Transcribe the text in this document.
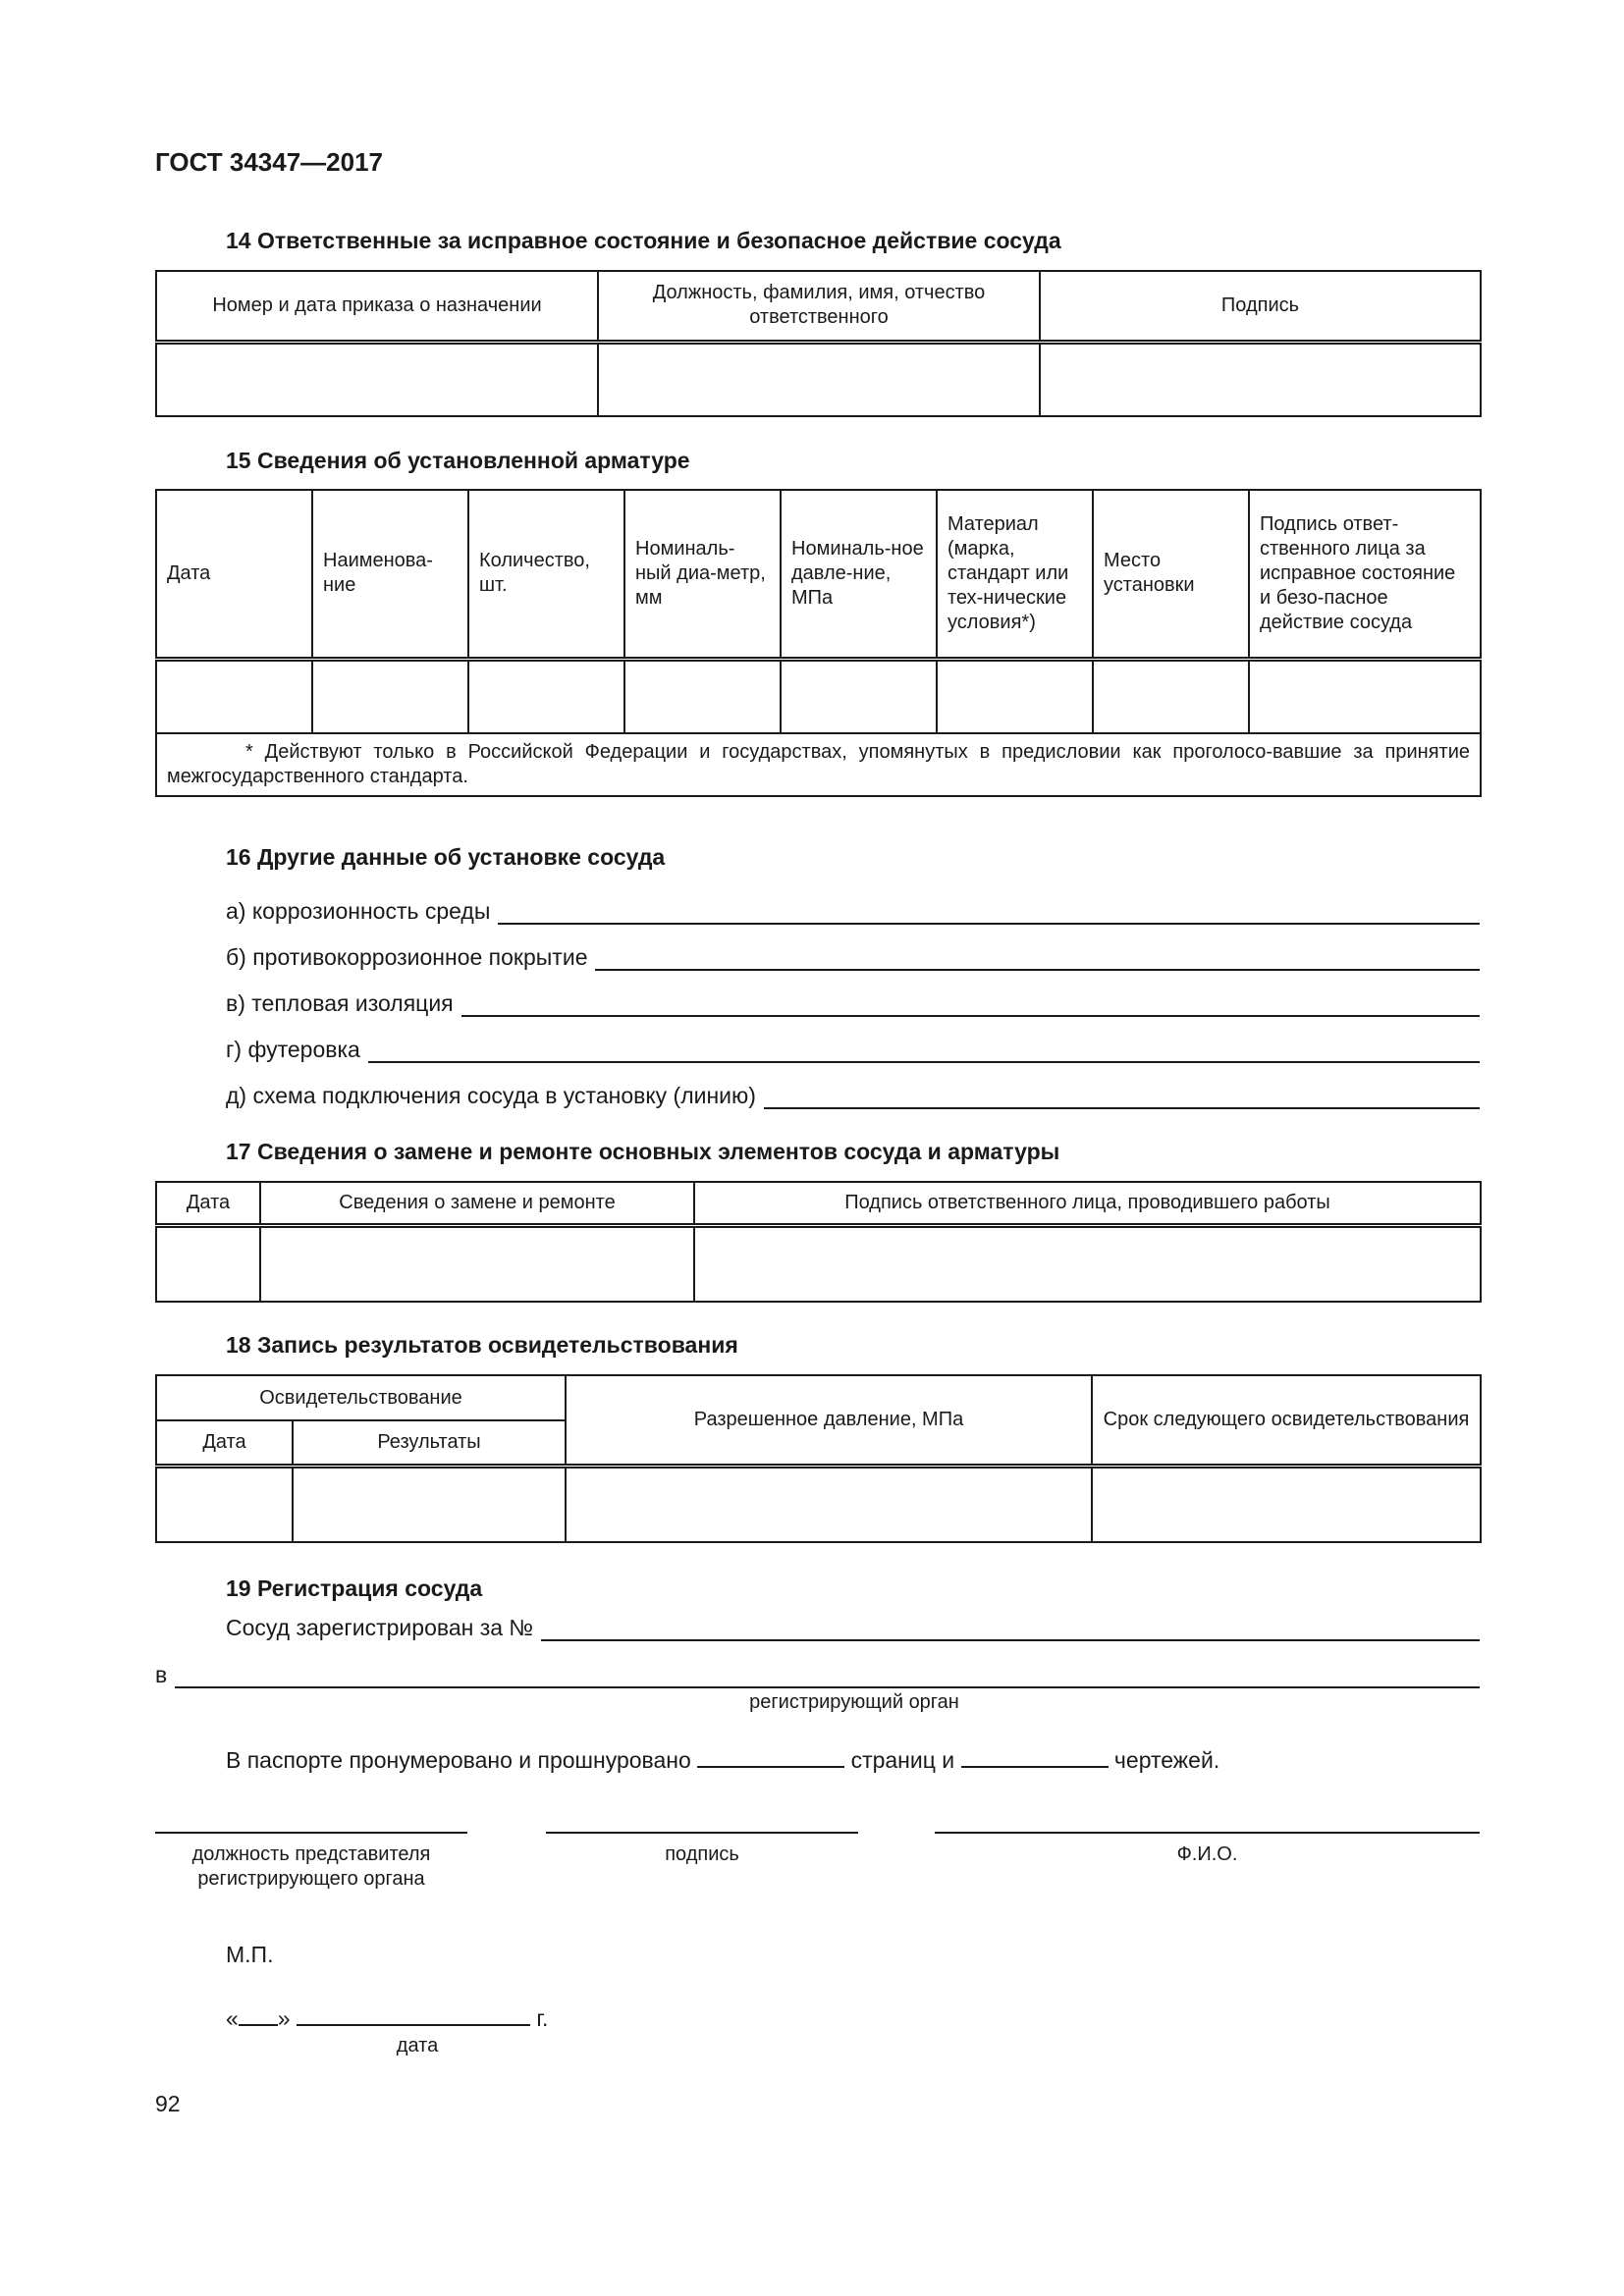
ГОСТ 34347—2017
14 Ответственные за исправное состояние и безопасное действие сосуда
Номер и дата приказа о назначении	Должность, фамилия, имя, отчество ответственного	Подпись

15 Сведения об установленной арматуре
Дата	Наименова-ние	Количество, шт.	Номиналь-ный диа-метр, мм	Номиналь-ное давле-ние, МПа	Материал (марка, стандарт или тех-нические условия*)	Место установки	Подпись ответ-ственного лица за исправное состояние и безо-пасное действие сосуда

* Действуют только в Российской Федерации и государствах, упомянутых в предисловии как проголосо-вавшие за принятие межгосударственного стандарта.							
16 Другие данные об установке сосуда
а) коррозионность среды
б) противокоррозионное покрытие
в) тепловая изоляция
г) футеровка
д) схема подключения сосуда в установку (линию)
17 Сведения о замене и ремонте основных элементов сосуда и арматуры
Дата	Сведения о замене и ремонте	Подпись ответственного лица, проводившего работы

18 Запись результатов освидетельствования
Освидетельствование		Разрешенное давление, МПа	Срок следующего освидетельствования
Дата	Результаты		

19 Регистрация сосуда
Сосуд зарегистрирован за №
в
регистрирующий орган
В паспорте пронумеровано и прошнуровано	страниц и	чертежей.
должность представителя регистрирующего органа
подпись	Ф.И.О.
М.П.
« »	г.
дата
92
